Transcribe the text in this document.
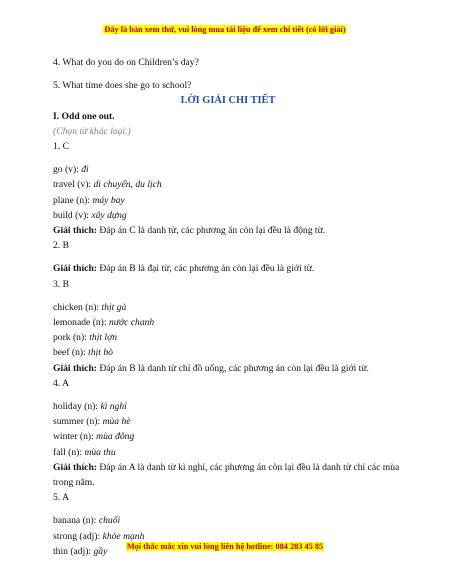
Đây là bản xem thử, vui lòng mua tài liệu để xem chi tiết (có lời giải)

4. What do you do on Children’s day?

5. What time does she go to school?

LỜI GIẢI CHI TIẾT

I. Odd one out.

(Chọn từ khác loại.)

1. C

go (v): đi

travel (v): di chuyển, du lịch

plane (n): máy bay

build (v): xây dựng

Giải thích: Đáp án C là danh từ, các phương án còn lại đều là động từ.

2. B

Giải thích: Đáp án B là đại từ, các phương án còn lại đều là giới từ.

3. B

chicken (n): thịt gà

lemonade (n): nước chanh

pork (n): thịt lợn

beef (n): thịt bò

Giải thích: Đáp án B là danh từ chỉ đồ uống, các phương án còn lại đều là giới từ.

4. A

holiday (n): kì nghỉ

summer (n): mùa hè

winter (n): mùa đông

fall (n): mùa thu

Giải thích: Đáp án A là danh từ kì nghỉ, các phương án còn lại đều là danh từ chỉ các mùa trong năm.

5. A

banana (n): chuối

strong (adj): khỏe mạnh

thin (adj): gầy	Mọi thắc mắc xin vui lòng liên hệ hotline: 084 283 45 85
